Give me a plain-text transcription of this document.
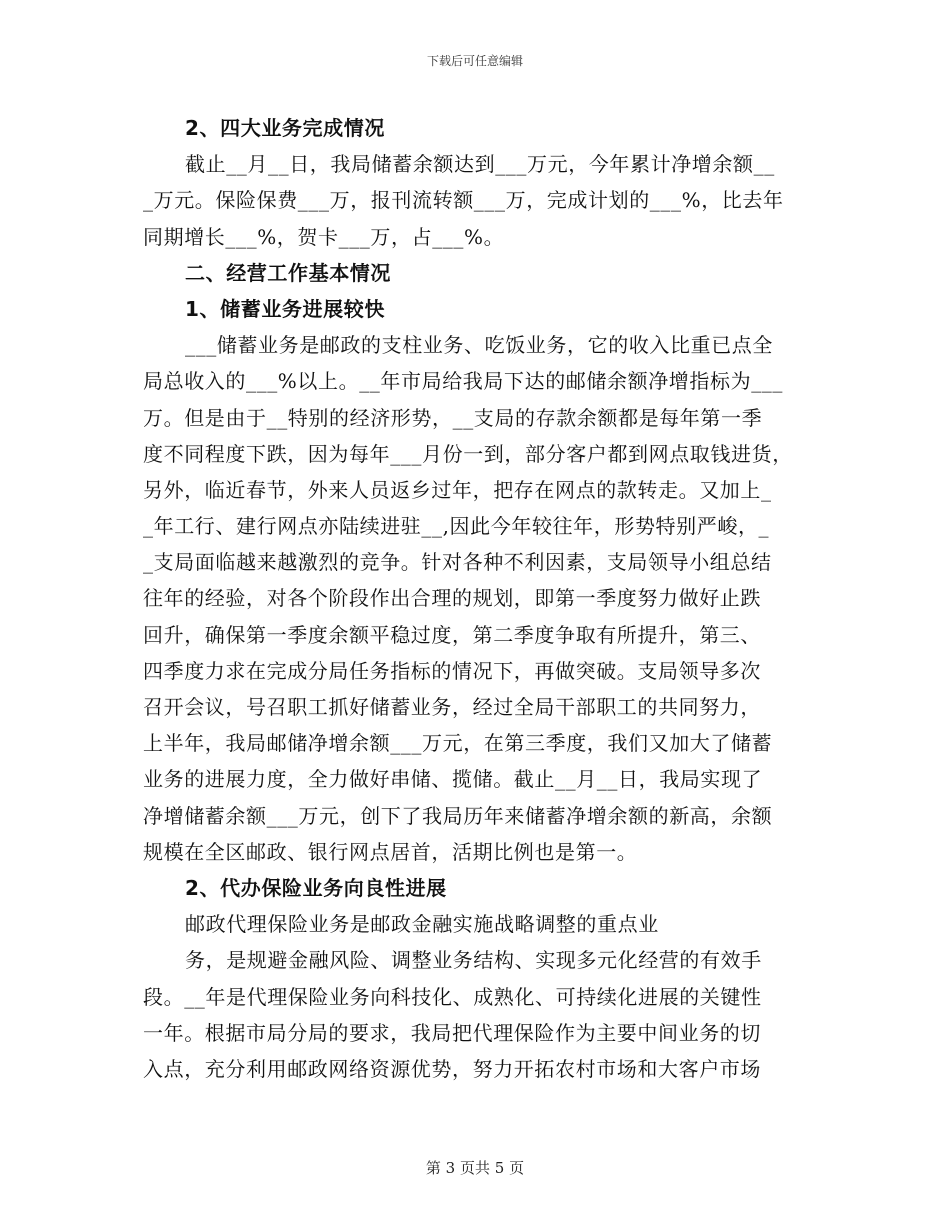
下载后可任意编辑
2、四大业务完成情况
截止__月__日，我局储蓄余额达到___万元，今年累计净增余额__
_万元。保险保费___万，报刊流转额___万，完成计划的___%，比去年
同期增长___%，贺卡___万，占___%。
二、经营工作基本情况
1、储蓄业务进展较快
___储蓄业务是邮政的支柱业务、吃饭业务，它的收入比重已点全
局总收入的___%以上。__年市局给我局下达的邮储余额净增指标为___
万。但是由于__特别的经济形势，__支局的存款余额都是每年第一季
度不同程度下跌，因为每年___月份一到，部分客户都到网点取钱进货，
另外，临近春节，外来人员返乡过年，把存在网点的款转走。又加上_
_年工行、建行网点亦陆续进驻__,因此今年较往年，形势特别严峻，_
_支局面临越来越激烈的竞争。针对各种不利因素，支局领导小组总结
往年的经验，对各个阶段作出合理的规划，即第一季度努力做好止跌
回升，确保第一季度余额平稳过度，第二季度争取有所提升，第三、
四季度力求在完成分局任务指标的情况下，再做突破。支局领导多次
召开会议，号召职工抓好储蓄业务，经过全局干部职工的共同努力，
上半年，我局邮储净增余额___万元，在第三季度，我们又加大了储蓄
业务的进展力度，全力做好串储、揽储。截止__月__日，我局实现了
净增储蓄余额___万元，创下了我局历年来储蓄净增余额的新高，余额
规模在全区邮政、银行网点居首，活期比例也是第一。
2、代办保险业务向良性进展
邮政代理保险业务是邮政金融实施战略调整的重点业
务，是规避金融风险、调整业务结构、实现多元化经营的有效手
段。__年是代理保险业务向科技化、成熟化、可持续化进展的关键性
一年。根据市局分局的要求，我局把代理保险作为主要中间业务的切
入点，充分利用邮政网络资源优势，努力开拓农村市场和大客户市场
第 3 页共 5 页
